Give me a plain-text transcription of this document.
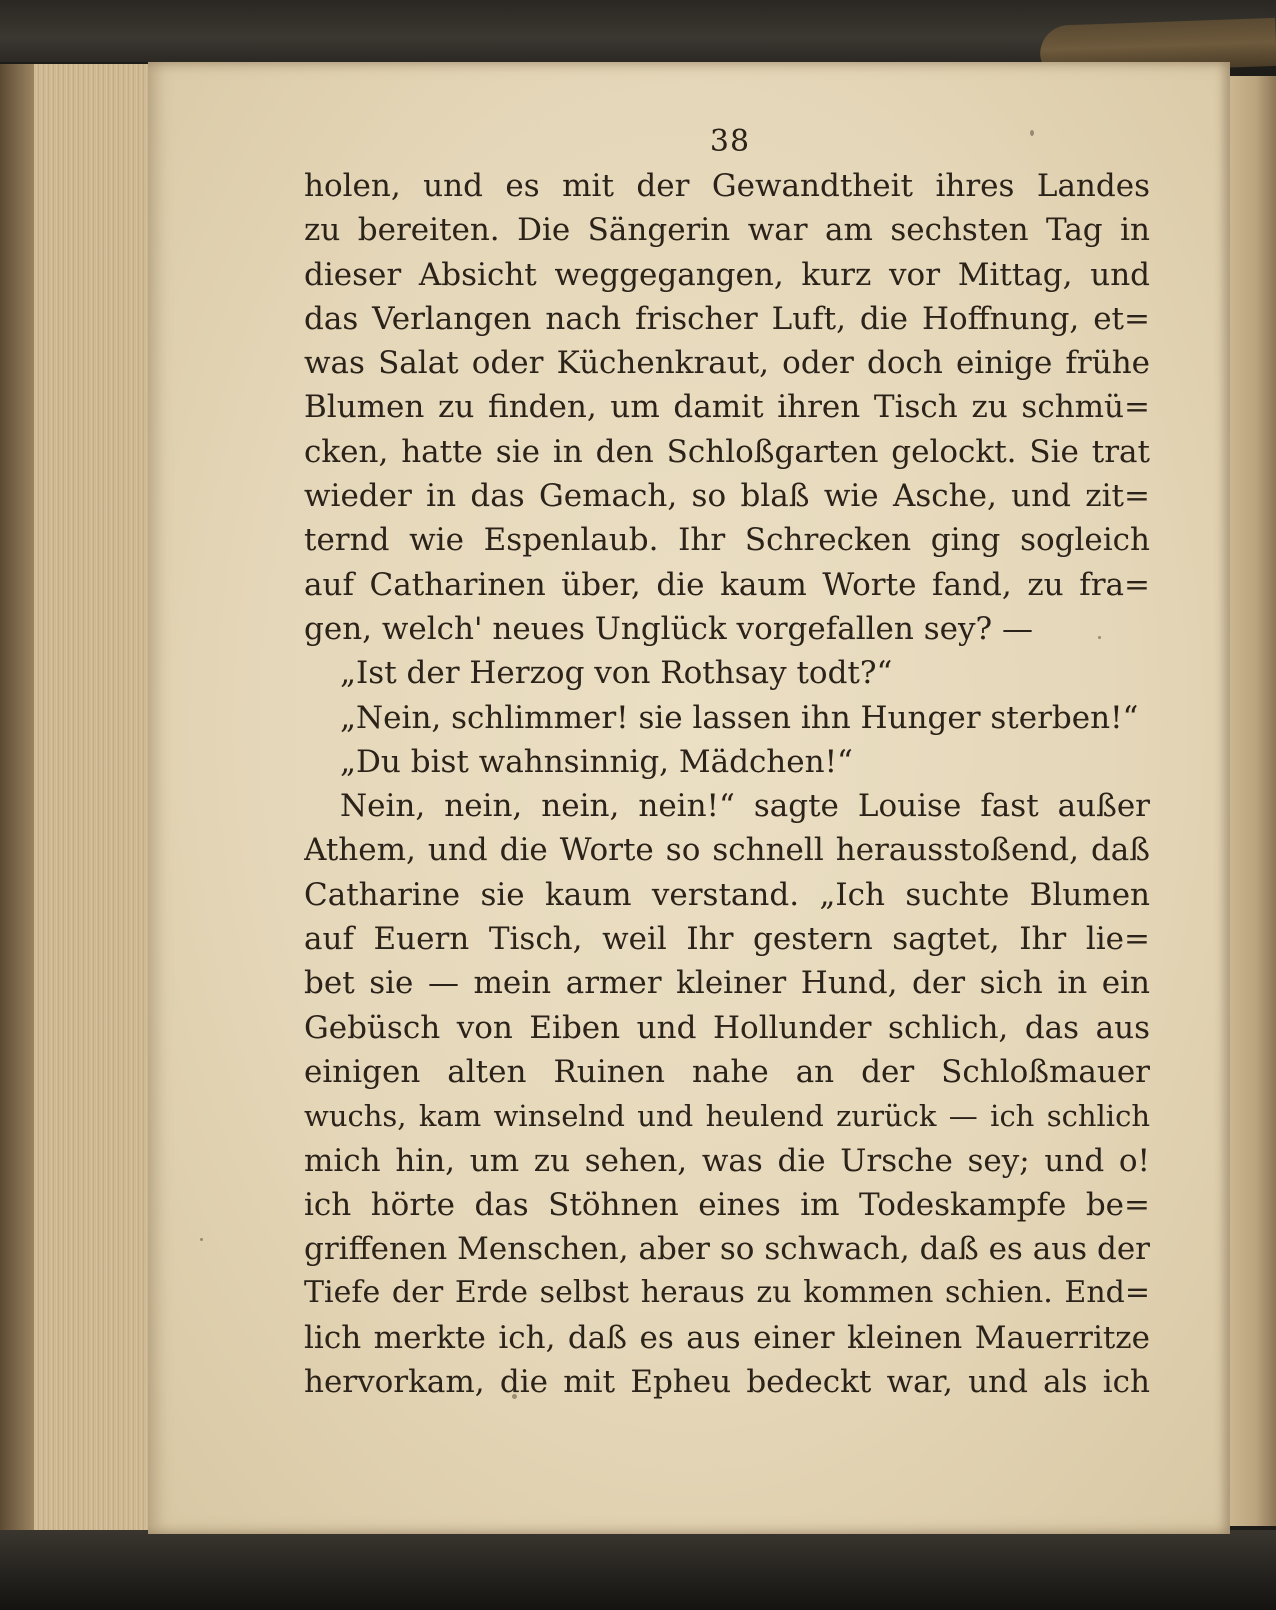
38
holen, und es mit der Gewandtheit ihres Landes
zu bereiten. Die Sängerin war am sechsten Tag in
dieser Absicht weggegangen, kurz vor Mittag, und
das Verlangen nach frischer Luft, die Hoffnung, et=
was Salat oder Küchenkraut, oder doch einige frühe
Blumen zu finden, um damit ihren Tisch zu schmü=
cken, hatte sie in den Schloßgarten gelockt. Sie trat
wieder in das Gemach, so blaß wie Asche, und zit=
ternd wie Espenlaub. Ihr Schrecken ging sogleich
auf Catharinen über, die kaum Worte fand, zu fra=
gen, welch' neues Unglück vorgefallen sey? —
„Ist der Herzog von Rothsay todt?“
„Nein, schlimmer! sie lassen ihn Hunger sterben!“
„Du bist wahnsinnig, Mädchen!“
Nein, nein, nein, nein!“ sagte Louise fast außer
Athem, und die Worte so schnell herausstoßend, daß
Catharine sie kaum verstand. „Ich suchte Blumen
auf Euern Tisch, weil Ihr gestern sagtet, Ihr lie=
bet sie — mein armer kleiner Hund, der sich in ein
Gebüsch von Eiben und Hollunder schlich, das aus
einigen alten Ruinen nahe an der Schloßmauer
wuchs, kam winselnd und heulend zurück — ich schlich
mich hin, um zu sehen, was die Ursche sey; und o!
ich hörte das Stöhnen eines im Todeskampfe be=
griffenen Menschen, aber so schwach, daß es aus der
Tiefe der Erde selbst heraus zu kommen schien. End=
lich merkte ich, daß es aus einer kleinen Mauerritze
hervorkam, die mit Epheu bedeckt war, und als ich
